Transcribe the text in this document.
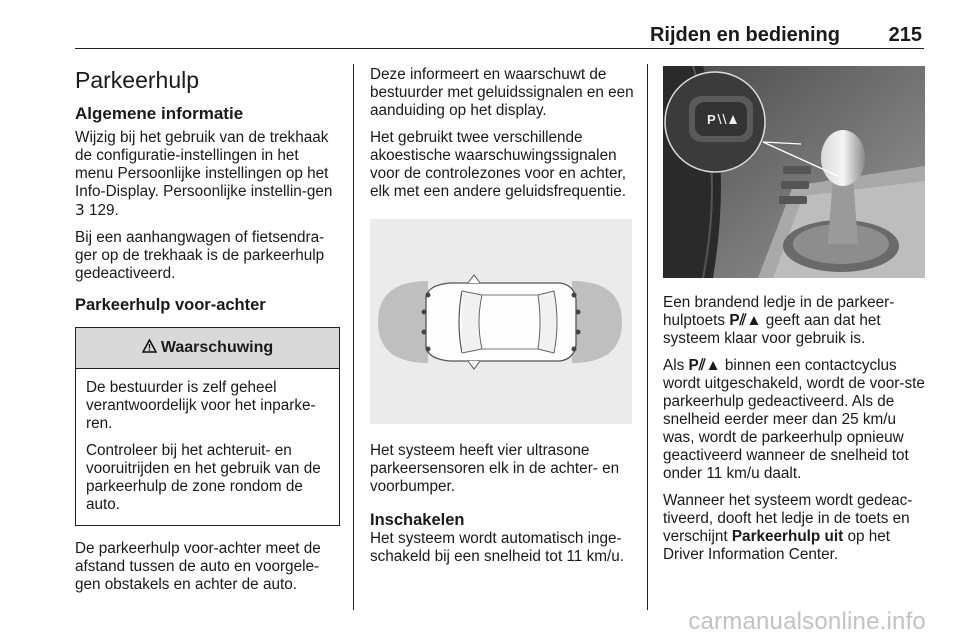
Rijden en bediening 215
Parkeerhulp
Algemene informatie

Wijzig bij het gebruik van de trekhaak de configuratie-instellingen in het menu Persoonlijke instellingen op het Info-Display. Persoonlijke instellin-gen 3 129.

Bij een aanhangwagen of fietsendra-ger op de trekhaak is de parkeerhulp gedeactiveerd.

Parkeerhulp voor-achter
Waarschuwing

De bestuurder is zelf geheel verantwoordelijk voor het inparke-ren.

Controleer bij het achteruit- en vooruitrijden en het gebruik van de parkeerhulp de zone rondom de auto.

De parkeerhulp voor-achter meet de afstand tussen de auto en voorgele-gen obstakels en achter de auto.

Deze informeert en waarschuwt de bestuurder met geluidssignalen en een aanduiding op het display.

Het gebruikt twee verschillende akoestische waarschuwingssignalen voor de controlezones voor en achter, elk met een andere geluidsfrequentie.

Het systeem heeft vier ultrasone parkeersensoren elk in de achter- en voorbumper.

Inschakelen

Het systeem wordt automatisch inge-schakeld bij een snelheid tot 11 km/u.

P

Een brandend ledje in de parkeer-hulptoets P⫽▲ geeft aan dat het systeem klaar voor gebruik is.

Als P⫽▲ binnen een contactcyclus wordt uitgeschakeld, wordt de voor-ste parkeerhulp gedeactiveerd. Als de snelheid eerder meer dan 25 km/u was, wordt de parkeerhulp opnieuw geactiveerd wanneer de snelheid tot onder 11 km/u daalt.

Wanneer het systeem wordt gedeac-tiveerd, dooft het ledje in de toets en verschijnt Parkeerhulp uit op het Driver Information Center.

carmanualsonline.info
